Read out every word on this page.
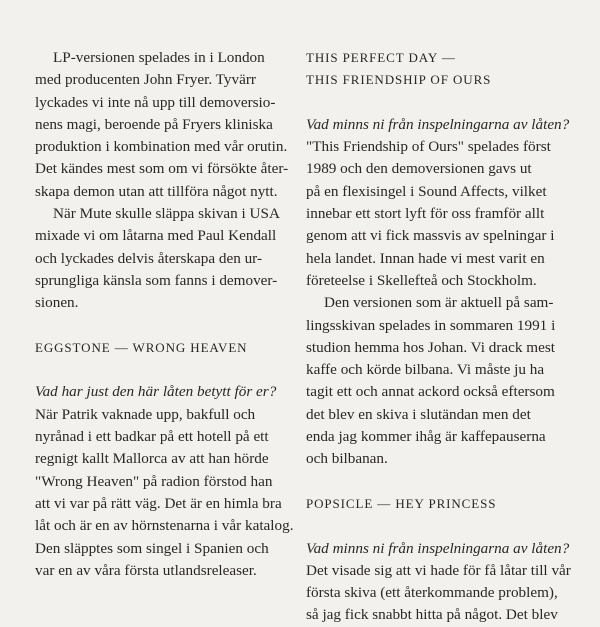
LP-versionen spelades in i London
med producenten John Fryer. Tyvärr
lyckades vi inte nå upp till demoversio-
nens magi, beroende på Fryers kliniska
produktion i kombination med vår orutin.
Det kändes mest som om vi försökte åter-
skapa demon utan att tillföra något nytt.
När Mute skulle släppa skivan i USA
mixade vi om låtarna med Paul Kendall
och lyckades delvis återskapa den ur-
sprungliga känsla som fanns i demover-
sionen.
EGGSTONE — WRONG HEAVEN
Vad har just den här låten betytt för er?
När Patrik vaknade upp, bakfull och
nyrånad i ett badkar på ett hotell på ett
regnigt kallt Mallorca av att han hörde
"Wrong Heaven" på radion förstod han
att vi var på rätt väg. Det är en himla bra
låt och är en av hörnstenarna i vår katalog.
Den släpptes som singel i Spanien och
var en av våra första utlandsreleaser.
THIS PERFECT DAY —
THIS FRIENDSHIP OF OURS
Vad minns ni från inspelningarna av låten?
"This Friendship of Ours" spelades först
1989 och den demoversionen gavs ut
på en flexisingel i Sound Affects, vilket
innebar ett stort lyft för oss framför allt
genom att vi fick massvis av spelningar i
hela landet. Innan hade vi mest varit en
företeelse i Skellefteå och Stockholm.
Den versionen som är aktuell på sam-
lingsskivan spelades in sommaren 1991 i
studion hemma hos Johan. Vi drack mest
kaffe och körde bilbana. Vi måste ju ha
tagit ett och annat ackord också eftersom
det blev en skiva i slutändan men det
enda jag kommer ihåg är kaffepauserna
och bilbanan.
POPSICLE — HEY PRINCESS
Vad minns ni från inspelningarna av låten?
Det visade sig att vi hade för få låtar till vår
första skiva (ett återkommande problem),
så jag fick snabbt hitta på något. Det blev
